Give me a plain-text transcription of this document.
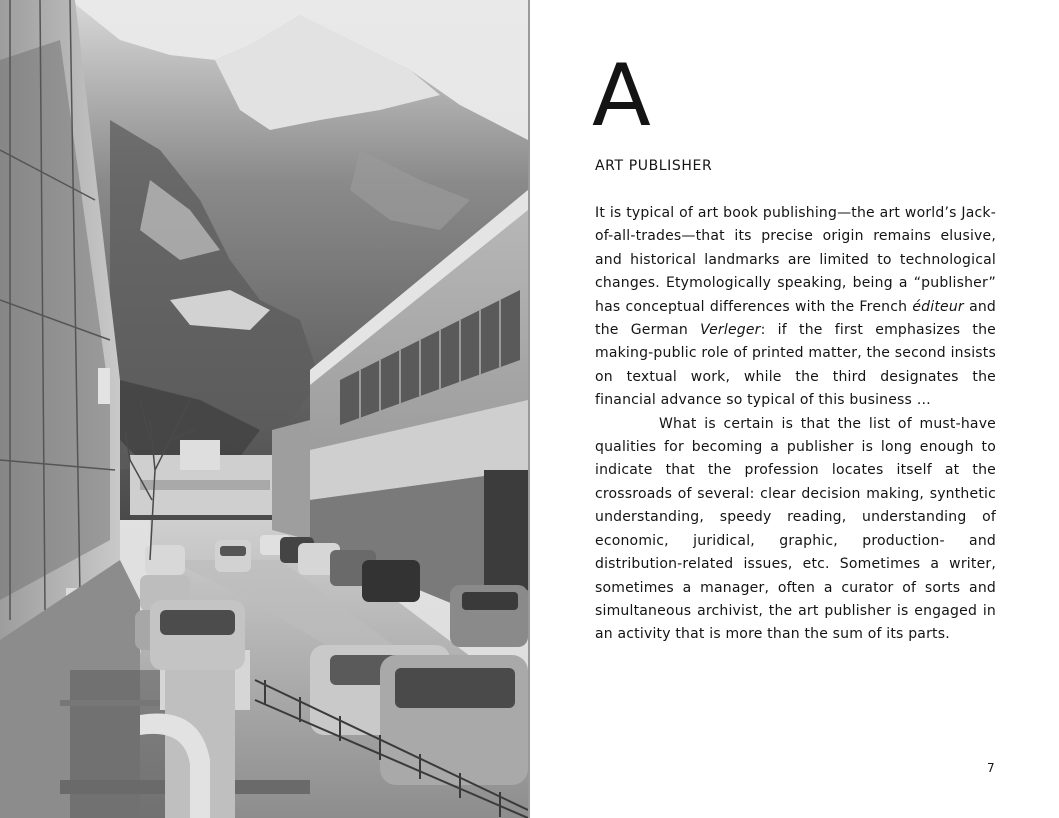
A
ART PUBLISHER

It is typical of art book publishing—the art world’s Jack-of-all-trades—that its precise origin remains elusive, and historical landmarks are limited to technological changes. Etymologically speaking, being a “publisher” has conceptual differences with the French éditeur and the German Verleger: if the first emphasizes the making-public role of printed matter, the second insists on textual work, while the third designates the financial advance so typical of this business …

What is certain is that the list of must-have qualities for becoming a publisher is long enough to indicate that the profession locates itself at the crossroads of several: clear decision making, synthetic understanding, speedy reading, understanding of economic, juridical, graphic, production- and distribution-related issues, etc. Sometimes a writer, sometimes a manager, often a curator of sorts and simultaneous archivist, the art publisher is engaged in an activity that is more than the sum of its parts.

7
